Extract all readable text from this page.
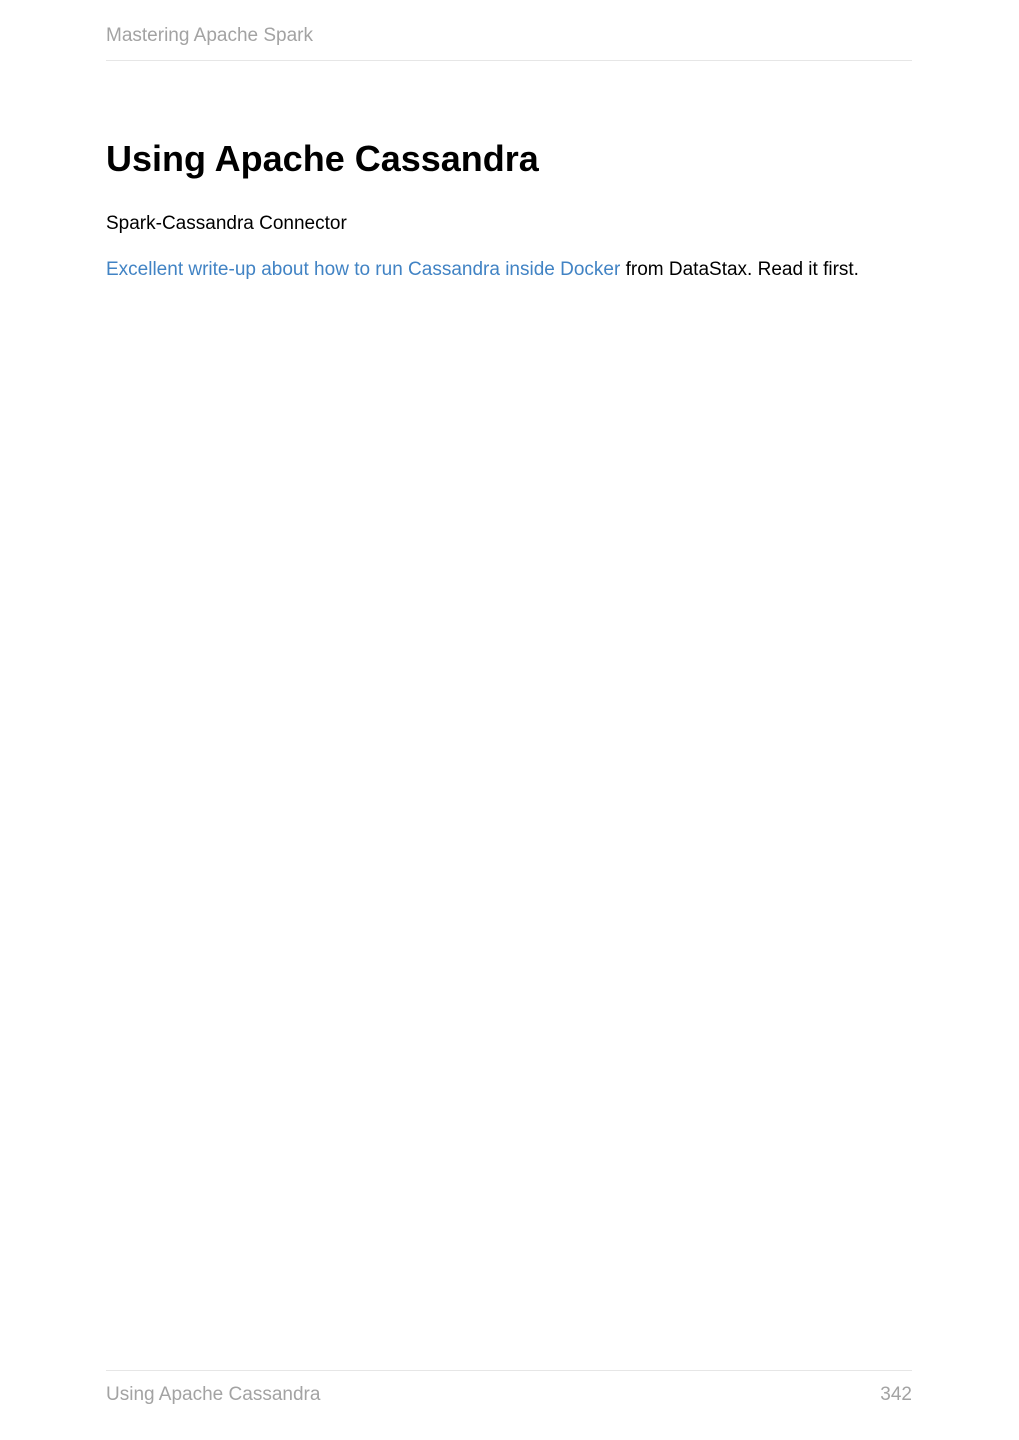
Mastering Apache Spark
Using Apache Cassandra

Spark-Cassandra Connector

Excellent write-up about how to run Cassandra inside Docker from DataStax. Read it first.

Using Apache Cassandra	342
